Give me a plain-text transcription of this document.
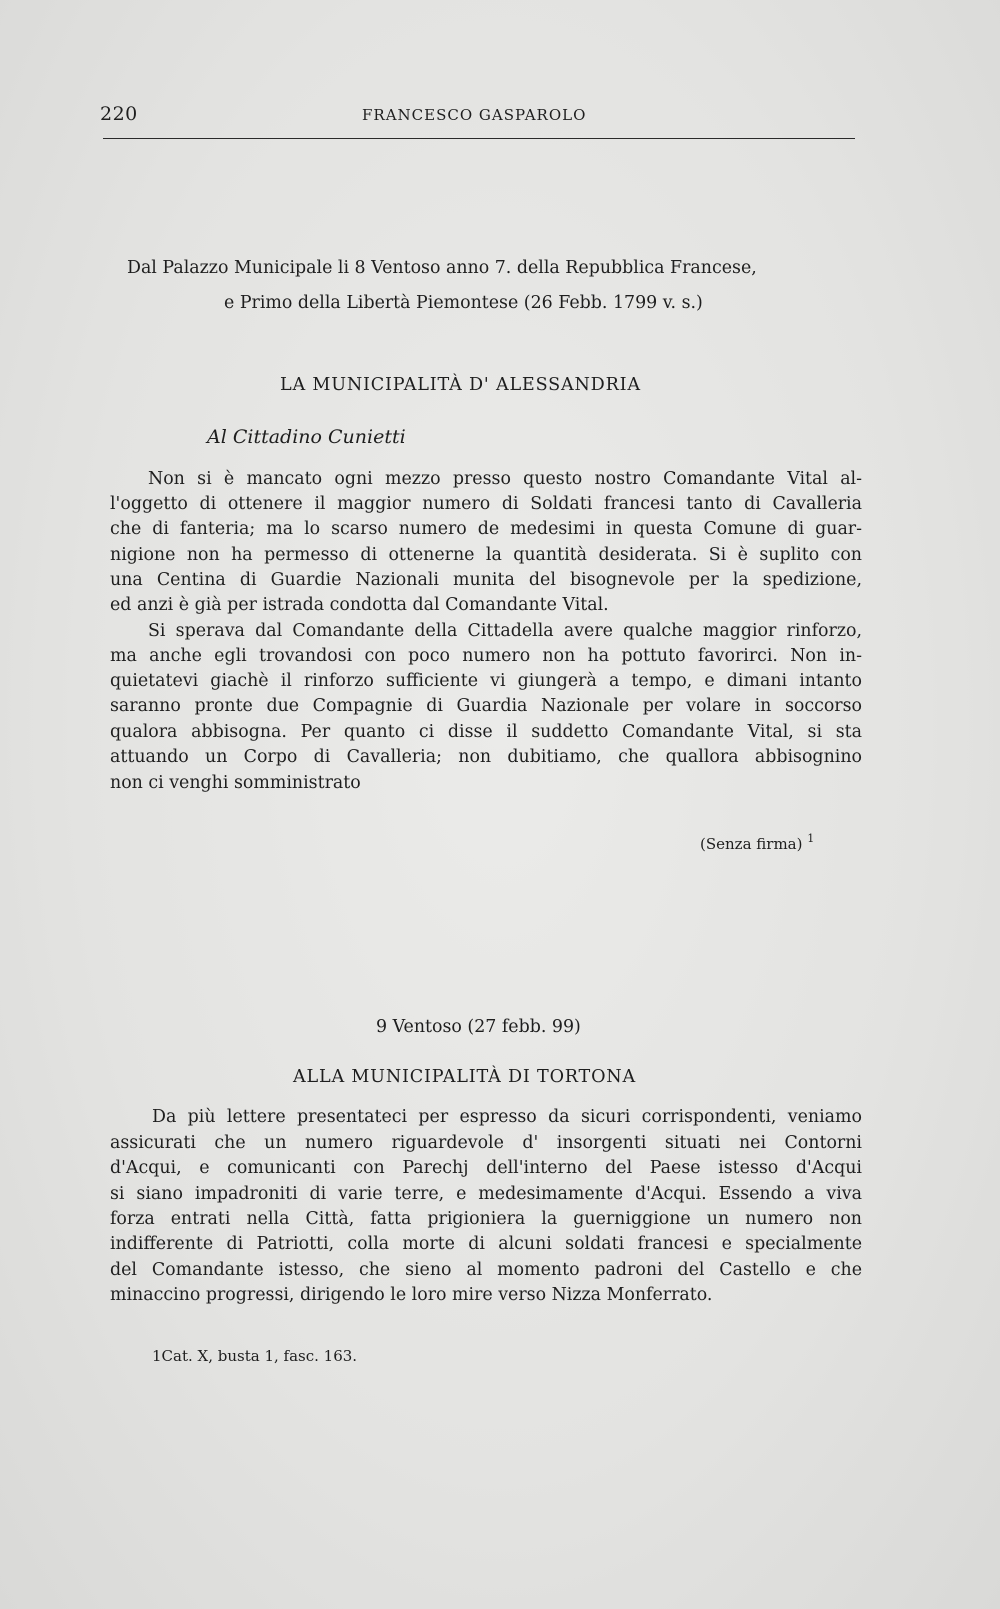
220	FRANCESCO GASPAROLO
Dal Palazzo Municipale li 8 Ventoso anno 7. della Repubblica Francese,
e Primo della Libertà Piemontese (26 Febb. 1799 v. s.)
LA MUNICIPALITÀ D' ALESSANDRIA
Al Cittadino Cunietti
Non si è mancato ogni mezzo presso questo nostro Comandante Vital al-
l'oggetto di ottenere il maggior numero di Soldati francesi tanto di Cavalleria
che di fanteria; ma lo scarso numero de medesimi in questa Comune di guar-
nigione non ha permesso di ottenerne la quantità desiderata. Si è suplito con
una Centina di Guardie Nazionali munita del bisognevole per la spedizione,
ed anzi è già per istrada condotta dal Comandante Vital.
Si sperava dal Comandante della Cittadella avere qualche maggior rinforzo,
ma anche egli trovandosi con poco numero non ha pottuto favorirci. Non in-
quietatevi giachè il rinforzo sufficiente vi giungerà a tempo, e dimani intanto
saranno pronte due Compagnie di Guardia Nazionale per volare in soccorso
qualora abbisogna. Per quanto ci disse il suddetto Comandante Vital, si sta
attuando un Corpo di Cavalleria; non dubitiamo, che quallora abbisognino
non ci venghi somministrato
(Senza firma) $^1$
9 Ventoso (27 febb. 99)
ALLA MUNICIPALITÀ DI TORTONA
Da più lettere presentateci per espresso da sicuri corrispondenti, veniamo
assicurati che un numero riguardevole d' insorgenti situati nei Contorni
d'Acqui, e comunicanti con Parechj dell'interno del Paese istesso d'Acqui
si siano impadroniti di varie terre, e medesimamente d'Acqui. Essendo a viva
forza entrati nella Città, fatta prigioniera la guerniggione un numero non
indifferente di Patriotti, colla morte di alcuni soldati francesi e specialmente
del Comandante istesso, che sieno al momento padroni del Castello e che
minaccino progressi, dirigendo le loro mire verso Nizza Monferrato.
1Cat. X, busta 1, fasc. 163.
